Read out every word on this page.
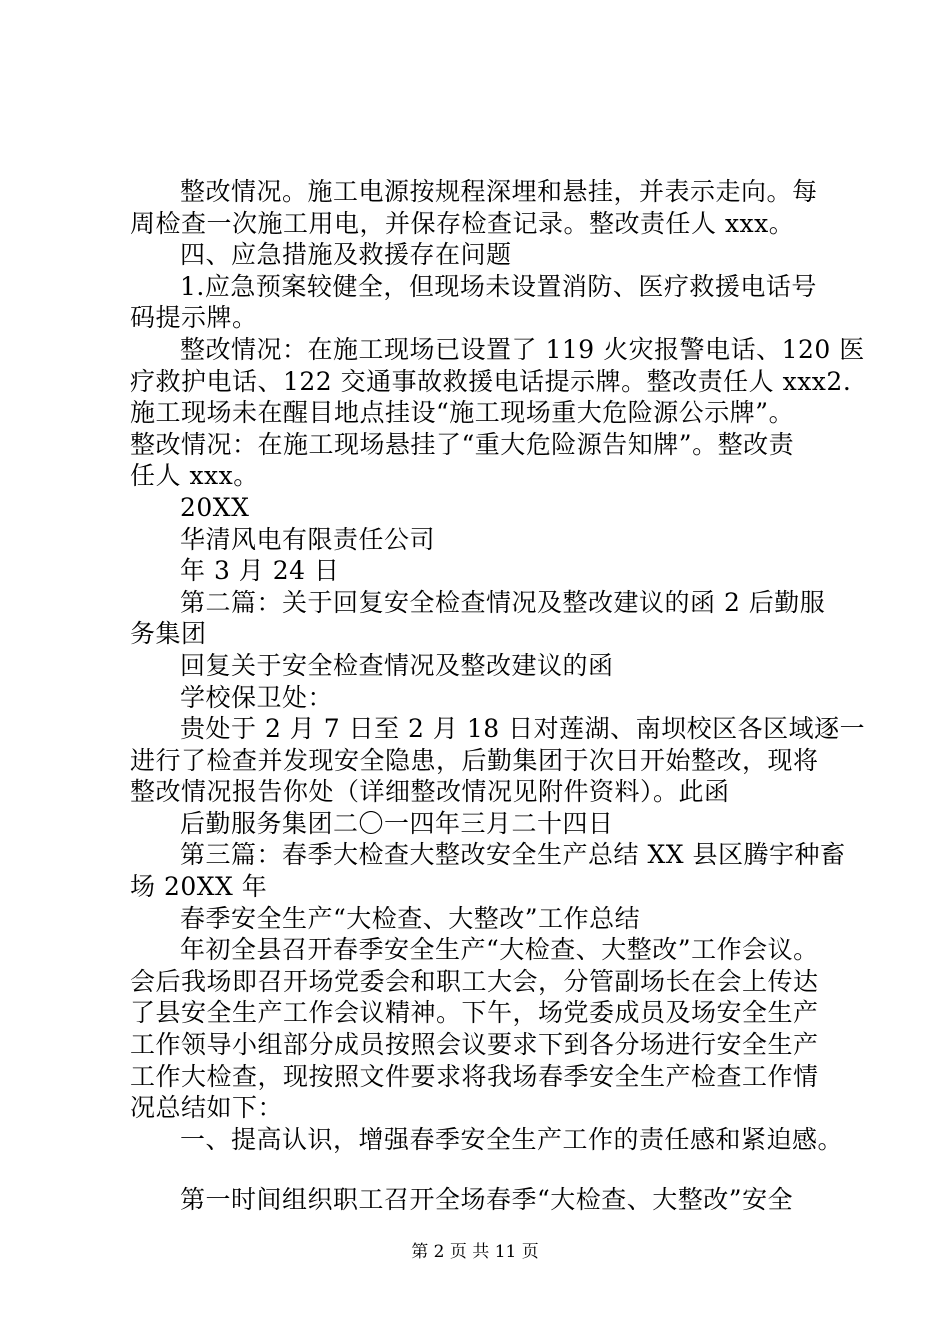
整改情况。施工电源按规程深埋和悬挂，并表示走向。每
周检查一次施工用电，并保存检查记录。整改责任人 xxx。
四、应急措施及救援存在问题
1.应急预案较健全，但现场未设置消防、医疗救援电话号
码提示牌。
整改情况：在施工现场已设置了 119 火灾报警电话、120 医
疗救护电话、122 交通事故救援电话提示牌。整改责任人 xxx2.
施工现场未在醒目地点挂设“施工现场重大危险源公示牌”。
整改情况：在施工现场悬挂了“重大危险源告知牌”。整改责
任人 xxx。
20XX
华清风电有限责任公司
年 3 月 24 日
第二篇：关于回复安全检查情况及整改建议的函 2 后勤服
务集团
回复关于安全检查情况及整改建议的函
学校保卫处：
贵处于 2 月 7 日至 2 月 18 日对莲湖、南坝校区各区域逐一
进行了检查并发现安全隐患，后勤集团于次日开始整改，现将
整改情况报告你处（详细整改情况见附件资料）。此函
后勤服务集团二〇一四年三月二十四日
第三篇：春季大检查大整改安全生产总结 XX 县区腾宇种畜
场 20XX 年
春季安全生产“大检查、大整改”工作总结
年初全县召开春季安全生产“大检查、大整改”工作会议。
会后我场即召开场党委会和职工大会，分管副场长在会上传达
了县安全生产工作会议精神。下午，场党委成员及场安全生产
工作领导小组部分成员按照会议要求下到各分场进行安全生产
工作大检查，现按照文件要求将我场春季安全生产检查工作情
况总结如下：
一、提高认识，增强春季安全生产工作的责任感和紧迫感。
第一时间组织职工召开全场春季“大检查、大整改”安全
第 2 页 共 11 页
